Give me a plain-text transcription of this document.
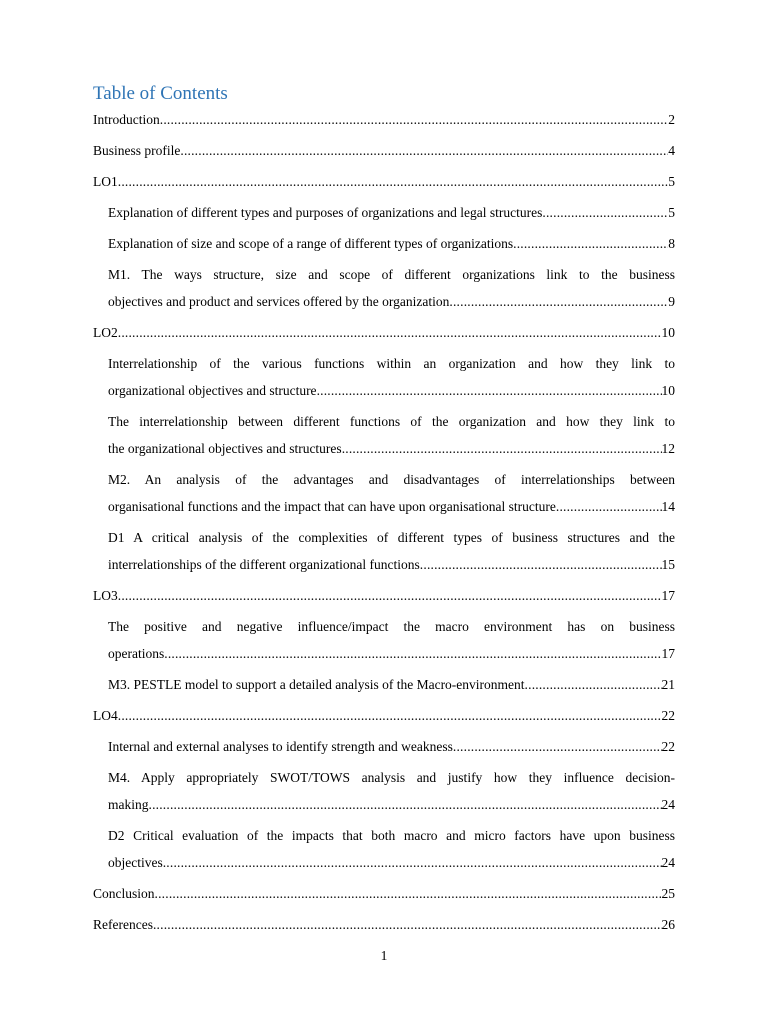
Table of Contents
Introduction .....	2
Business profile .....	4
LO1 .....	5
Explanation of different types and purposes of organizations and legal structures .....	5
Explanation of size and scope of a range of different types of organizations .....	8
M1. The ways structure, size and scope of different organizations link to the business
objectives and product and services offered by the organization .....	9
LO2 .....	10
Interrelationship of the various functions within an organization and how they link to
organizational objectives and structure .....	10
The interrelationship between different functions of the organization and how they link to
the organizational objectives and structures .....	12
M2. An analysis of the advantages and disadvantages of interrelationships between
organisational functions and the impact that can have upon organisational structure .....	14
D1 A critical analysis of the complexities of different types of business structures and the
interrelationships of the different organizational functions .....	15
LO3 .....	17
The positive and negative influence/impact the macro environment has on business
operations .....	17
M3. PESTLE model to support a detailed analysis of the Macro-environment .....	21
LO4 .....	22
Internal and external analyses to identify strength and weakness .....	22
M4. Apply appropriately SWOT/TOWS analysis and justify how they influence decision-
making .....	24
D2 Critical evaluation of the impacts that both macro and micro factors have upon business
objectives .....	24
Conclusion .....	25
References .....	26
1
